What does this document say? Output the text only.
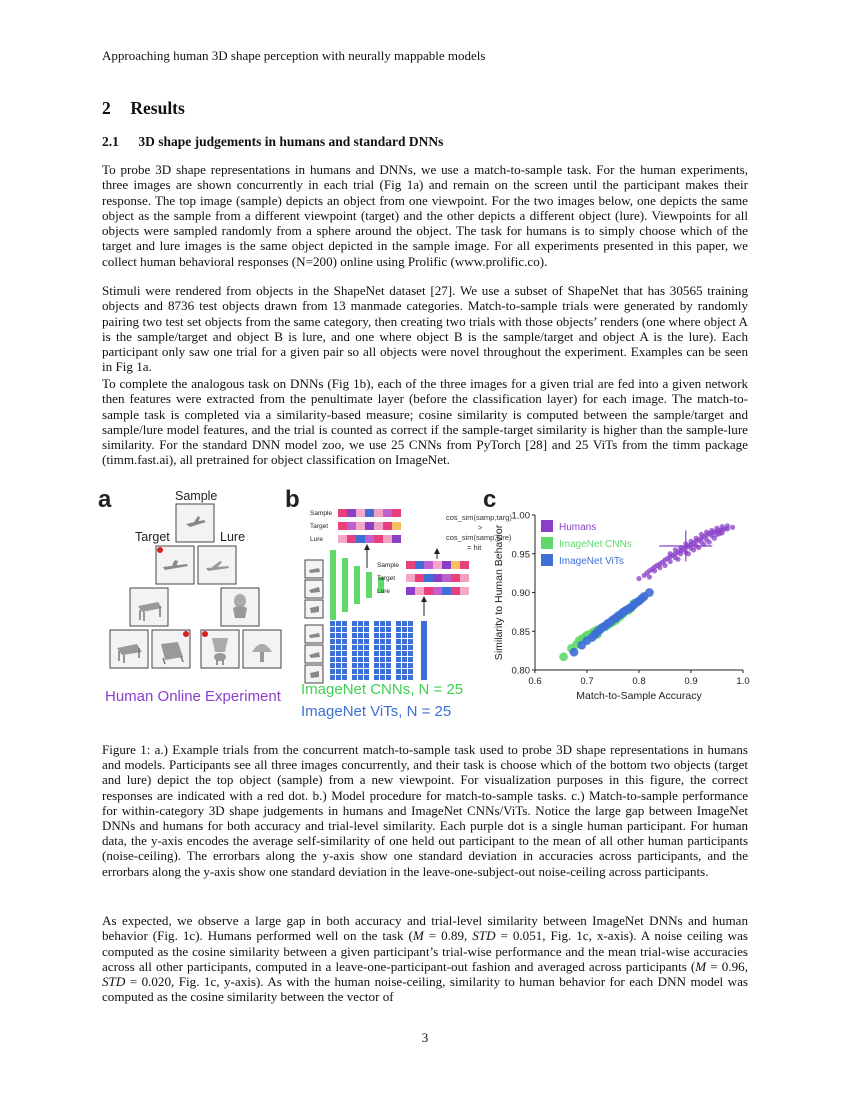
Approaching human 3D shape perception with neurally mappable models
2 Results
2.1 3D shape judgements in humans and standard DNNs

To probe 3D shape representations in humans and DNNs, we use a match-to-sample task. For the human experiments, three images are shown concurrently in each trial (Fig 1a) and remain on the screen until the participant makes their response. The top image (sample) depicts an object from one viewpoint. For the two images below, one depicts the same object as the sample from a different viewpoint (target) and the other depicts a different object (lure). Viewpoints for all objects were sampled randomly from a sphere around the object. The task for humans is to simply choose which of the target and lure images is the same object depicted in the sample image. For all experiments presented in this paper, we collect human behavioral responses (N=200) online using Prolific (www.prolific.co).

Stimuli were rendered from objects in the ShapeNet dataset [27]. We use a subset of ShapeNet that has 30565 training objects and 8736 test objects drawn from 13 manmade categories. Match-to-sample trials were generated by randomly pairing two test set objects from the same category, then creating two trials with those objects’ renders (one where object A is the sample/target and object B is lure, and one where object B is the sample/target and object A is the lure). Each participant only saw one trial for a given pair so all objects were novel throughout the experiment. Examples can be seen in Fig 1a.

To complete the analogous task on DNNs (Fig 1b), each of the three images for a given trial are fed into a given network then features were extracted from the penultimate layer (before the classification layer) for each image. The match-to-sample task is completed via a similarity-based measure; cosine similarity is computed between the sample/target and sample/lure model features, and the trial is counted as correct if the sample-target similarity is higher than the sample-lure similarity. For the standard DNN model zoo, we use 25 CNNs from PyTorch [28] and 25 ViTs from the timm package (timm.fast.ai), all pretrained for object classification on ImageNet.

a	Sample
Target	Lure
Human Online Experiment
b
Sample
Target
Lure
cos_sim(samp,targ)
>
cos_sim(samp,lure)
= hit
Sample
Target
Lure
ImageNet CNNs, N = 25
ImageNet ViTs, N = 25
c
0.6	0.7	0.8	0.9	1.0
0.80
0.85
0.90
0.95
1.00
Match-to-Sample Accuracy
Similarity to Human Behavior	Humans
ImageNet CNNs
ImageNet ViTs

Figure 1: a.) Example trials from the concurrent match-to-sample task used to probe 3D shape representations in humans and models. Participants see all three images concurrently, and their task is choose which of the bottom two objects (target and lure) depict the top object (sample) from a new viewpoint. For visualization purposes in this figure, the correct responses are indicated with a red dot. b.) Model procedure for match-to-sample tasks. c.) Match-to-sample performance for within-category 3D shape judgements in humans and ImageNet CNNs/ViTs. Notice the large gap between ImageNet DNNs and humans for both accuracy and trial-level similarity. Each purple dot is a single human participant. For human data, the y-axis encodes the average self-similarity of one held out participant to the mean of all other human participants (noise-ceiling). The errorbars along the y-axis show one standard deviation in accuracies across participants, and the errorbars along the y-axis show one standard deviation in the leave-one-subject-out noise-ceiling across participants.

As expected, we observe a large gap in both accuracy and trial-level similarity between ImageNet DNNs and human behavior (Fig. 1c). Humans performed well on the task (M = 0.89, STD = 0.051, Fig. 1c, x-axis). A noise ceiling was computed as the cosine similarity between a given participant’s trial-wise performance and the mean trial-wise accuracies across all other participants, computed in a leave-one-participant-out fashion and averaged across participants (M = 0.96, STD = 0.020, Fig. 1c, y-axis). As with the human noise-ceiling, similarity to human behavior for each DNN model was computed as the cosine similarity between the vector of

3
